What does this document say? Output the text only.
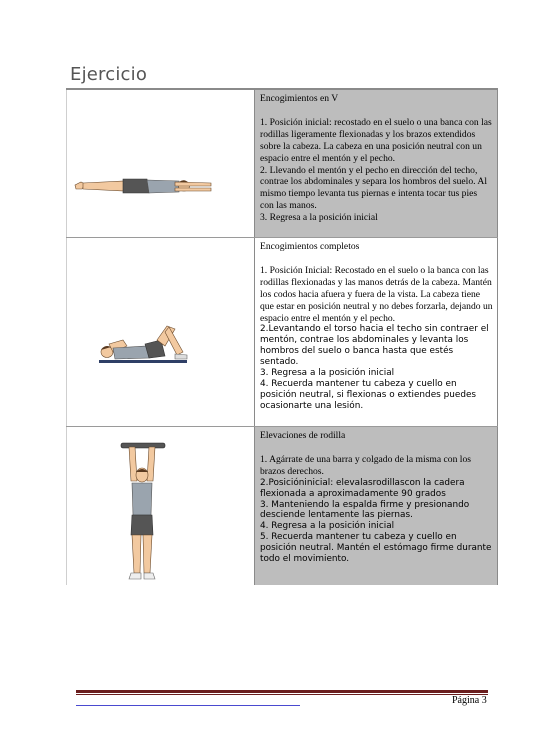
Ejercicio
Encogimientos en V
1. Posición inicial: recostado en el suelo o una banca con las rodillas ligeramente flexionadas y los brazos extendidos sobre la cabeza. La cabeza en una posición neutral con un espacio entre el mentón y el pecho.
2. Llevando el mentón y el pecho en dirección del techo, contrae los abdominales y separa los hombros del suelo. Al mismo tiempo levanta tus piernas e intenta tocar tus pies con las manos.
3. Regresa a la posición inicial
Encogimientos completos
1. Posición Inicial: Recostado en el suelo o la banca con las rodillas flexionadas y las manos detrás de la cabeza. Mantén los codos hacia afuera y fuera de la vista. La cabeza tiene que estar en posición neutral y no debes forzarla, dejando un espacio entre el mentón y el pecho.
2.Levantando el torso hacia el techo sin contraer el mentón, contrae los abdominales y levanta los hombros del suelo o banca hasta que estés sentado.
3. Regresa a la posición inicial
4. Recuerda mantener tu cabeza y cuello en posición neutral, si flexionas o extiendes puedes ocasionarte una lesión.
Elevaciones de rodilla
1. Agárrate de una barra y colgado de la misma con los brazos derechos.
2.Posicióninicial: elevalasrodillascon la cadera flexionada a aproximadamente 90 grados
3. Manteniendo la espalda firme y presionando desciende lentamente las piernas.
4. Regresa a la posición inicial
5. Recuerda mantener tu cabeza y cuello en posición neutral. Mantén el estómago firme durante todo el movimiento.
Página 3
